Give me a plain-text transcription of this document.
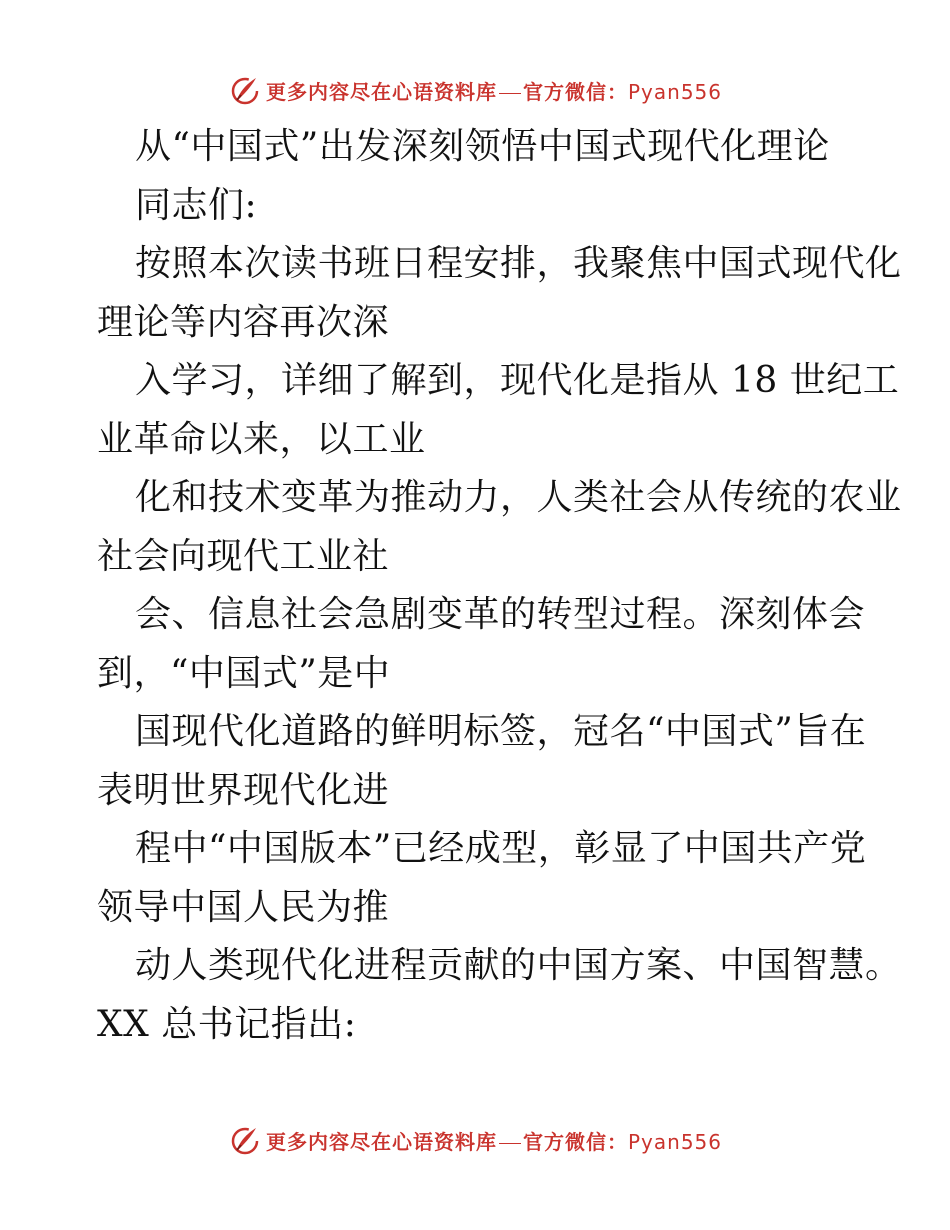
更多内容尽在心语资料库 官方微信：Pyan556
从“中国式”出发深刻领悟中国式现代化理论
同志们:
按照本次读书班日程安排，我聚焦中国式现代化
理论等内容再次深
入学习，详细了解到，现代化是指从 18 世纪工
业革命以来，以工业
化和技术变革为推动力，人类社会从传统的农业
社会向现代工业社
会、信息社会急剧变革的转型过程。深刻体会
到，“中国式”是中
国现代化道路的鲜明标签，冠名“中国式”旨在
表明世界现代化进
程中“中国版本”已经成型，彰显了中国共产党
领导中国人民为推
动人类现代化进程贡献的中国方案、中国智慧。
XX 总书记指出:
更多内容尽在心语资料库 官方微信：Pyan556
